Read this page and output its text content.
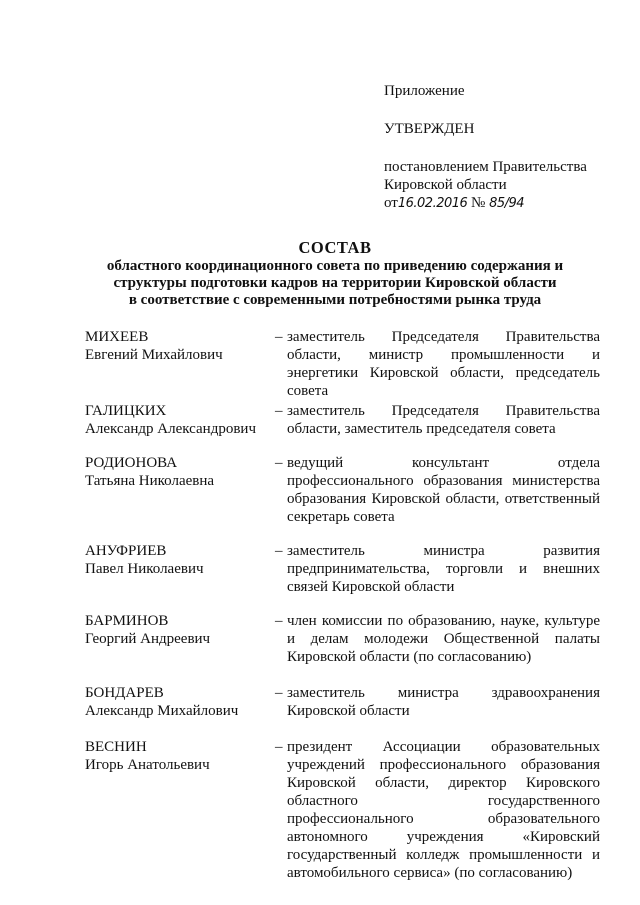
Приложение
УТВЕРЖДЕН
постановлением Правительства
Кировской области
от16.02.2016 № 85/94
СОСТАВ
областного координационного совета по приведению содержания и
структуры подготовки кадров на территории Кировской области
в соответствие с современными потребностями рынка труда
МИХЕЕВ
Евгений Михайлович
– заместитель Председателя Правительства области, министр промышленности и энергетики Кировской области, председатель совета
ГАЛИЦКИХ
Александр Александрович
– заместитель Председателя Правительства области, заместитель председателя совета
РОДИОНОВА
Татьяна Николаевна
– ведущий консультант отдела профессионального образования министерства образования Кировской области, ответственный секретарь совета
АНУФРИЕВ
Павел Николаевич
– заместитель министра развития предпринимательства, торговли и внешних связей Кировской области
БАРМИНОВ
Георгий Андреевич
– член комиссии по образованию, науке, культуре и делам молодежи Общественной палаты Кировской области (по согласованию)
БОНДАРЕВ
Александр Михайлович
– заместитель министра здравоохранения Кировской области
ВЕСНИН
Игорь Анатольевич
– президент Ассоциации образовательных учреждений профессионального образования Кировской области, директор Кировского областного государственного профессионального образовательного автономного учреждения «Кировский государственный колледж промышленности и автомобильного сервиса» (по согласованию)
